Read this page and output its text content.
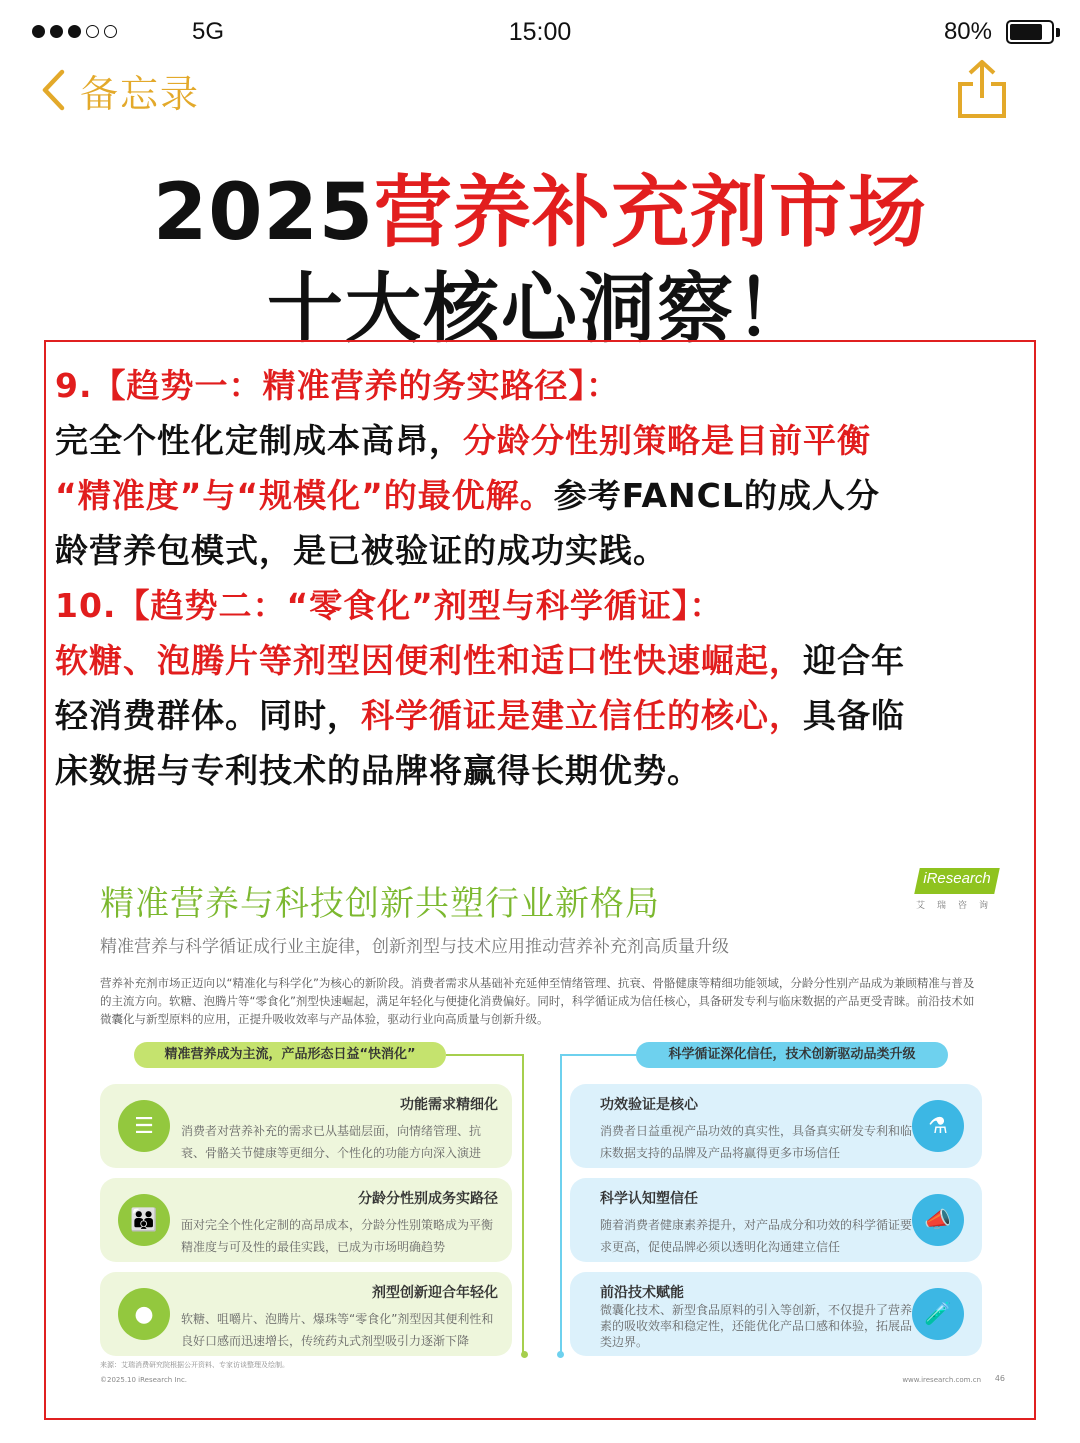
5G	15:00	80%
备忘录
2025营养补充剂市场
十大核心洞察！
9.【趋势一：精准营养的务实路径】：
完全个性化定制成本高昂，分龄分性别策略是目前平衡
“精准度”与“规模化”的最优解。参考FANCL的成人分
龄营养包模式，是已被验证的成功实践。
10.【趋势二：“零食化”剂型与科学循证】：
软糖、泡腾片等剂型因便利性和适口性快速崛起，迎合年
轻消费群体。同时，科学循证是建立信任的核心，具备临
床数据与专利技术的品牌将赢得长期优势。
iResearch
艾瑞咨询
精准营养与科技创新共塑行业新格局
精准营养与科学循证成行业主旋律，创新剂型与技术应用推动营养补充剂高质量升级
营养补充剂市场正迈向以“精准化与科学化”为核心的新阶段。消费者需求从基础补充延伸至情绪管理、抗衰、骨骼健康等精细功能领域，分龄分性别产品成为兼顾精准与普及的主流方向。软糖、泡腾片等“零食化”剂型快速崛起，满足年轻化与便捷化消费偏好。同时，科学循证成为信任核心，具备研发专利与临床数据的产品更受青睐。前沿技术如微囊化与新型原料的应用，正提升吸收效率与产品体验，驱动行业向高质量与创新升级。
精准营养成为主流，产品形态日益“快消化”	科学循证深化信任，技术创新驱动品类升级
☰
功能需求精细化
消费者对营养补充的需求已从基础层面，向情绪管理、抗衰、骨骼关节健康等更细分、个性化的功能方向深入演进
👪
分龄分性别成务实路径
面对完全个性化定制的高昂成本，分龄分性别策略成为平衡精准度与可及性的最佳实践，已成为市场明确趋势
●
剂型创新迎合年轻化
软糖、咀嚼片、泡腾片、爆珠等“零食化”剂型因其便利性和良好口感而迅速增长，传统药丸式剂型吸引力逐渐下降
⚗
功效验证是核心
消费者日益重视产品功效的真实性，具备真实研发专利和临床数据支持的品牌及产品将赢得更多市场信任
📣
科学认知塑信任
随着消费者健康素养提升，对产品成分和功效的科学循证要求更高，促使品牌必须以透明化沟通建立信任
🧪
前沿技术赋能
微囊化技术、新型食品原料的引入等创新，不仅提升了营养素的吸收效率和稳定性，还能优化产品口感和体验，拓展品类边界。
来源：艾瑞消费研究院根据公开资料、专家访谈整理及绘制。
©2025.10 iResearch Inc.	www.iresearch.com.cn 46
